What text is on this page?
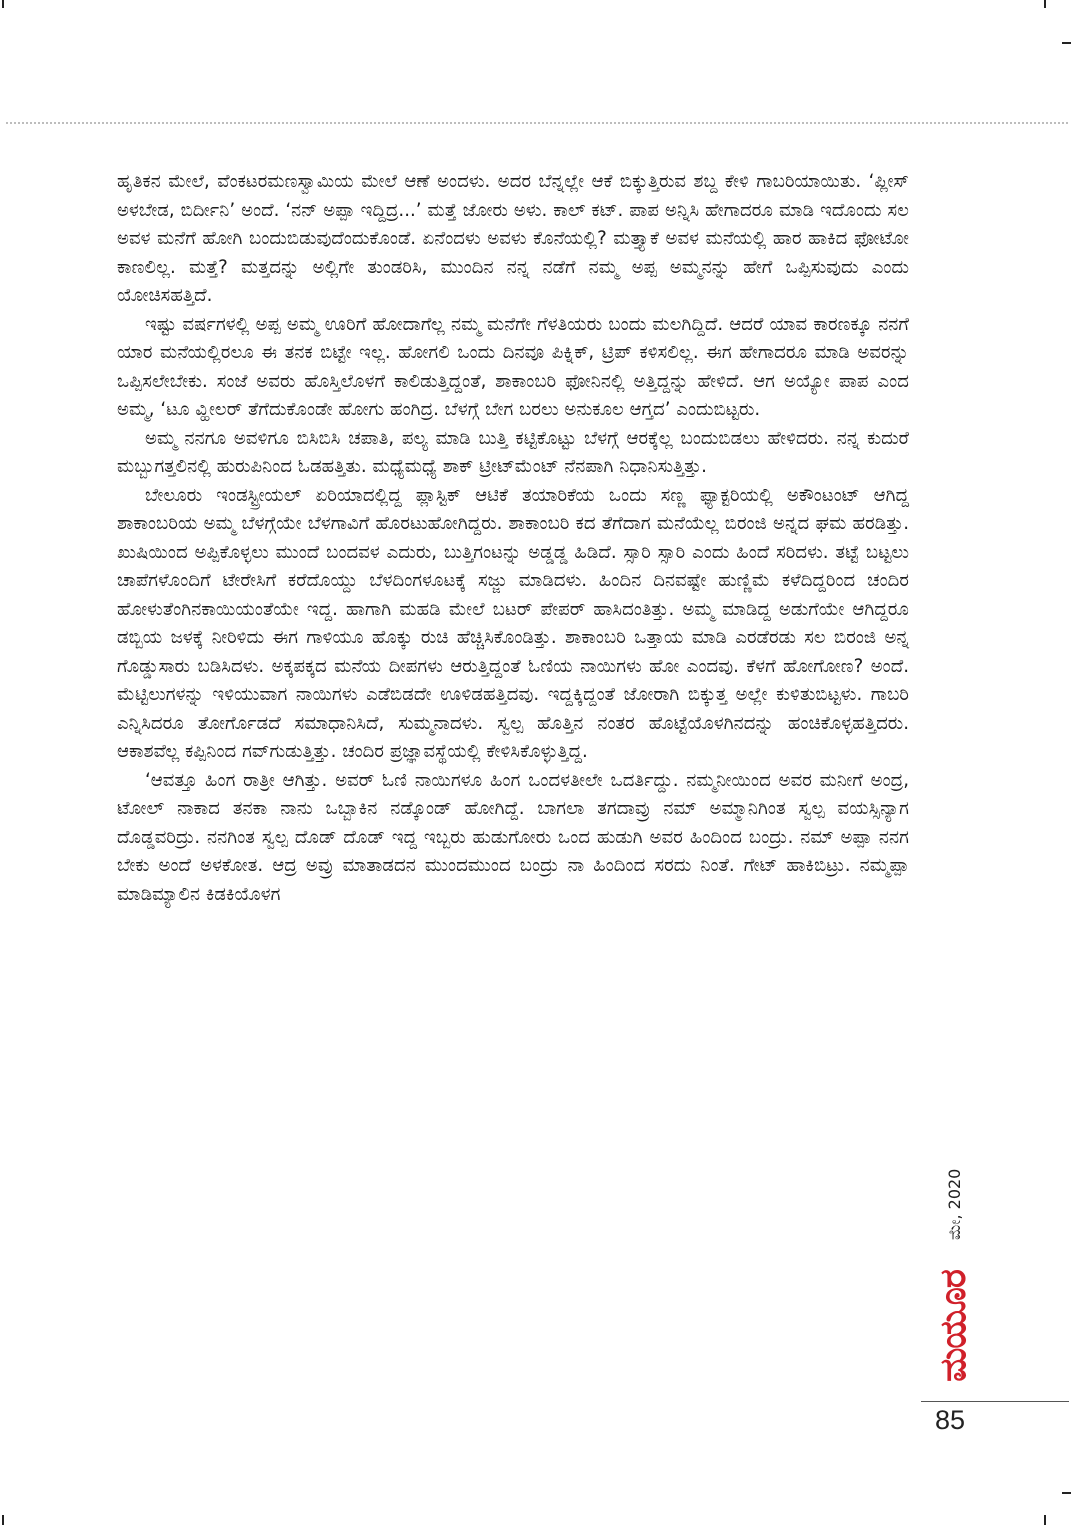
ಹೃತಿಕನ ಮೇಲೆ, ವೆಂಕಟರಮಣಸ್ವಾಮಿಯ ಮೇಲೆ ಆಣೆ ಅಂದಳು. ಅದರ ಬೆನ್ನಲ್ಲೇ ಆಕೆ ಬಿಕ್ಕುತ್ತಿರುವ ಶಬ್ದ ಕೇಳಿ ಗಾಬರಿಯಾಯಿತು. ‘ಪ್ಲೀಸ್ ಅಳಬೇಡ, ಬಿರ್ದೀನಿ’ ಅಂದೆ. ‘ನನ್ ಅಪ್ಪಾ ಇದ್ದಿದ್ರ...’ ಮತ್ತೆ ಜೋರು ಅಳು. ಕಾಲ್ ಕಟ್. ಪಾಪ ಅನ್ನಿಸಿ ಹೇಗಾದರೂ ಮಾಡಿ ಇದೊಂದು ಸಲ ಅವಳ ಮನೆಗೆ ಹೋಗಿ ಬಂದುಬಿಡುವುದೆಂದುಕೊಂಡೆ. ಏನೆಂದಳು ಅವಳು ಕೊನೆಯಲ್ಲಿ? ಮತ್ತ್ಯಾಕೆ ಅವಳ ಮನೆಯಲ್ಲಿ ಹಾರ ಹಾಕಿದ ಫೋಟೋ ಕಾಣಲಿಲ್ಲ. ಮತ್ತೆ? ಮತ್ತದನ್ನು ಅಲ್ಲಿಗೇ ತುಂಡರಿಸಿ, ಮುಂದಿನ ನನ್ನ ನಡೆಗೆ ನಮ್ಮ ಅಪ್ಪ ಅಮ್ಮನನ್ನು ಹೇಗೆ ಒಪ್ಪಿಸುವುದು ಎಂದು ಯೋಚಿಸಹತ್ತಿದೆ.

ಇಷ್ಟು ವರ್ಷಗಳಲ್ಲಿ ಅಪ್ಪ ಅಮ್ಮ ಊರಿಗೆ ಹೋದಾಗೆಲ್ಲ ನಮ್ಮ ಮನೆಗೇ ಗೆಳತಿಯರು ಬಂದು ಮಲಗಿದ್ದಿದೆ. ಆದರೆ ಯಾವ ಕಾರಣಕ್ಕೂ ನನಗೆ ಯಾರ ಮನೆಯಲ್ಲಿರಲೂ ಈ ತನಕ ಬಿಟ್ಟೇ ಇಲ್ಲ. ಹೋಗಲಿ ಒಂದು ದಿನವೂ ಪಿಕ್ನಿಕ್, ಟ್ರಿಪ್ ಕಳಿಸಲಿಲ್ಲ. ಈಗ ಹೇಗಾದರೂ ಮಾಡಿ ಅವರನ್ನು ಒಪ್ಪಿಸಲೇಬೇಕು. ಸಂಜೆ ಅವರು ಹೊಸ್ತಿಲೊಳಗೆ ಕಾಲಿಡುತ್ತಿದ್ದಂತೆ, ಶಾಕಾಂಬರಿ ಫೋನಿನಲ್ಲಿ ಅತ್ತಿದ್ದನ್ನು ಹೇಳಿದೆ. ಆಗ ಅಯ್ಯೋ ಪಾಪ ಎಂದ ಅಮ್ಮ, ‘ಟೂ ವ್ಹೀಲರ್ ತೆಗೆದುಕೊಂಡೇ ಹೋಗು ಹಂಗಿದ್ರ. ಬೆಳಗ್ಗೆ ಬೇಗ ಬರಲು ಅನುಕೂಲ ಆಗ್ತದ’ ಎಂದುಬಿಟ್ಟರು.

ಅಮ್ಮ ನನಗೂ ಅವಳಿಗೂ ಬಿಸಿಬಿಸಿ ಚಪಾತಿ, ಪಲ್ಯ ಮಾಡಿ ಬುತ್ತಿ ಕಟ್ಟಿಕೊಟ್ಟು ಬೆಳಗ್ಗೆ ಆರಕ್ಕೆಲ್ಲ ಬಂದುಬಿಡಲು ಹೇಳಿದರು. ನನ್ನ ಕುದುರೆ ಮಬ್ಬುಗತ್ತಲಿನಲ್ಲಿ ಹುರುಪಿನಿಂದ ಓಡಹತ್ತಿತು. ಮಧ್ಯೆಮಧ್ಯೆ ಶಾಕ್ ಟ್ರೀಟ್‌ಮೆಂಟ್ ನೆನಪಾಗಿ ನಿಧಾನಿಸುತ್ತಿತ್ತು.

ಬೇಲೂರು ಇಂಡಸ್ಟ್ರೀಯಲ್ ಏರಿಯಾದಲ್ಲಿದ್ದ ಪ್ಲಾಸ್ಟಿಕ್ ಆಟಿಕೆ ತಯಾರಿಕೆಯ ಒಂದು ಸಣ್ಣ ಫ್ಯಾಕ್ಟರಿಯಲ್ಲಿ ಅಕೌಂಟಂಟ್ ಆಗಿದ್ದ ಶಾಕಾಂಬರಿಯ ಅಮ್ಮ ಬೆಳಗ್ಗೆಯೇ ಬೆಳಗಾವಿಗೆ ಹೊರಟುಹೋಗಿದ್ದರು. ಶಾಕಾಂಬರಿ ಕದ ತೆಗೆದಾಗ ಮನೆಯೆಲ್ಲ ಬಿರಂಜಿ ಅನ್ನದ ಘಮ ಹರಡಿತ್ತು. ಖುಷಿಯಿಂದ ಅಪ್ಪಿಕೊಳ್ಳಲು ಮುಂದೆ ಬಂದವಳ ಎದುರು, ಬುತ್ತಿಗಂಟನ್ನು ಅಡ್ಡಡ್ಡ ಹಿಡಿದೆ. ಸ್ಸಾರಿ ಸ್ಸಾರಿ ಎಂದು ಹಿಂದೆ ಸರಿದಳು. ತಟ್ಟೆ ಬಟ್ಟಲು ಚಾಪೆಗಳೊಂದಿಗೆ ಟೇರೇಸಿಗೆ ಕರೆದೊಯ್ದು ಬೆಳದಿಂಗಳೂಟಕ್ಕೆ ಸಜ್ಜು ಮಾಡಿದಳು. ಹಿಂದಿನ ದಿನವಷ್ಟೇ ಹುಣ್ಣಿಮೆ ಕಳೆದಿದ್ದರಿಂದ ಚಂದಿರ ಹೋಳುತೆಂಗಿನಕಾಯಿಯಂತೆಯೇ ಇದ್ದ. ಹಾಗಾಗಿ ಮಹಡಿ ಮೇಲೆ ಬಟರ್ ಪೇಪರ್ ಹಾಸಿದಂತಿತ್ತು. ಅಮ್ಮ ಮಾಡಿದ್ದ ಅಡುಗೆಯೇ ಆಗಿದ್ದರೂ ಡಬ್ಬಿಯ ಜಳಕ್ಕೆ ನೀರಿಳಿದು ಈಗ ಗಾಳಿಯೂ ಹೊಕ್ಕು ರುಚಿ ಹೆಚ್ಚಿಸಿಕೊಂಡಿತ್ತು. ಶಾಕಾಂಬರಿ ಒತ್ತಾಯ ಮಾಡಿ ಎರಡೆರಡು ಸಲ ಬಿರಂಜಿ ಅನ್ನ ಗೊಡ್ಡುಸಾರು ಬಡಿಸಿದಳು. ಅಕ್ಕಪಕ್ಕದ ಮನೆಯ ದೀಪಗಳು ಆರುತ್ತಿದ್ದಂತೆ ಓಣಿಯ ನಾಯಿಗಳು ಹೋ ಎಂದವು. ಕೆಳಗೆ ಹೋಗೋಣ? ಅಂದೆ. ಮೆಟ್ಟಿಲುಗಳನ್ನು ಇಳಿಯುವಾಗ ನಾಯಿಗಳು ಎಡೆಬಿಡದೇ ಊಳಿಡಹತ್ತಿದವು. ಇದ್ದಕ್ಕಿದ್ದಂತೆ ಜೋರಾಗಿ ಬಿಕ್ಕುತ್ತ ಅಲ್ಲೇ ಕುಳಿತುಬಿಟ್ಟಳು. ಗಾಬರಿ ಎನ್ನಿಸಿದರೂ ತೋರ್ಗೊಡದೆ ಸಮಾಧಾನಿಸಿದೆ, ಸುಮ್ಮನಾದಳು. ಸ್ವಲ್ಪ ಹೊತ್ತಿನ ನಂತರ ಹೊಟ್ಟೆಯೊಳಗಿನದನ್ನು ಹಂಚಿಕೊಳ್ಳಹತ್ತಿದರು. ಆಕಾಶವೆಲ್ಲ ಕಪ್ಪಿನಿಂದ ಗವ್‌ಗುಡುತ್ತಿತ್ತು. ಚಂದಿರ ಪ್ರಜ್ಞಾವಸ್ಥೆಯಲ್ಲಿ ಕೇಳಿಸಿಕೊಳ್ಳುತ್ತಿದ್ದ.

‘ಆವತ್ತೂ ಹಿಂಗ ರಾತ್ರೀ ಆಗಿತ್ತು. ಅವರ್ ಓಣಿ ನಾಯಿಗಳೂ ಹಿಂಗ ಒಂದಳತೀಲೇ ಒದರ್ತಿದ್ದು. ನಮ್ಮನೀಯಿಂದ ಅವರ ಮನೀಗೆ ಅಂದ್ರ, ಟೋಲ್ ನಾಕಾದ ತನಕಾ ನಾನು ಒಬ್ಬಾಕಿನ ನಡ್ಕೊಂಡ್ ಹೋಗಿದ್ದೆ. ಬಾಗಲಾ ತಗದಾವ್ರು ನಮ್ ಅಮ್ಮಾನಿಗಿಂತ ಸ್ವಲ್ಪ ವಯಸ್ಸಿನ್ಯಾಗ ದೊಡ್ಡವರಿದ್ರು. ನನಗಿಂತ ಸ್ವಲ್ಪ ದೊಡ್ ದೊಡ್ ಇದ್ದ ಇಬ್ಬರು ಹುಡುಗೋರು ಒಂದ ಹುಡುಗಿ ಅವರ ಹಿಂದಿಂದ ಬಂದ್ರು. ನಮ್ ಅಪ್ಪಾ ನನಗ ಬೇಕು ಅಂದೆ ಅಳಕೋತ. ಆದ್ರ ಅವ್ರು ಮಾತಾಡದನ ಮುಂದಮುಂದ ಬಂದ್ರು ನಾ ಹಿಂದಿಂದ ಸರದು ನಿಂತೆ. ಗೇಟ್ ಹಾಕಿಬಿಟ್ರು. ನಮ್ಮಪ್ಪಾ ಮಾಡಿಮ್ಯಾಲಿನ ಕಿಡಕಿಯೊಳಗ

ಮೇ, 2020
ಮಯೂರ
85
